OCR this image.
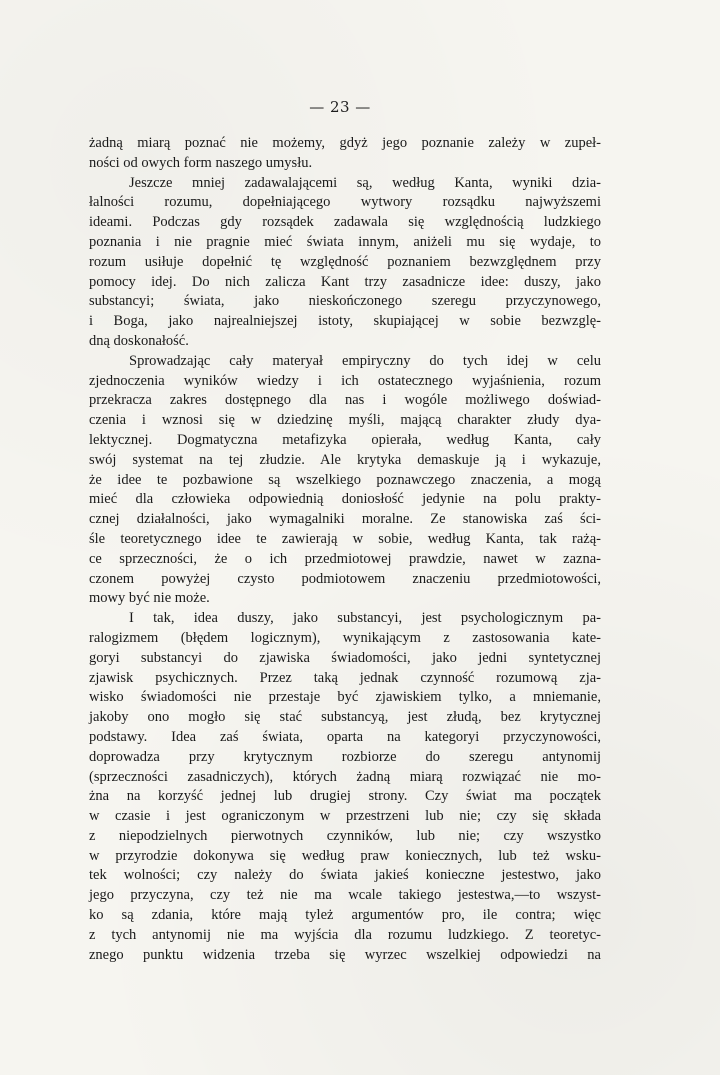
— 23 —
żadną miarą poznać nie możemy, gdyż jego poznanie zależy w zupeł-
ności od owych form naszego umysłu.
Jeszcze mniej zadawalającemi są, według Kanta, wyniki dzia-
łalności rozumu, dopełniającego wytwory rozsądku najwyższemi
ideami. Podczas gdy rozsądek zadawala się względnością ludzkiego
poznania i nie pragnie mieć świata innym, aniżeli mu się wydaje, to
rozum usiłuje dopełnić tę względność poznaniem bezwzględnem przy
pomocy idej. Do nich zalicza Kant trzy zasadnicze idee: duszy, jako
substancyi; świata, jako nieskończonego szeregu przyczynowego,
i Boga, jako najrealniejszej istoty, skupiającej w sobie bezwzglę-
dną doskonałość.
Sprowadzając cały materyał empiryczny do tych idej w celu
zjednoczenia wyników wiedzy i ich ostatecznego wyjaśnienia, rozum
przekracza zakres dostępnego dla nas i wogóle możliwego doświad-
czenia i wznosi się w dziedzinę myśli, mającą charakter złudy dya-
lektycznej. Dogmatyczna metafizyka opierała, według Kanta, cały
swój systemat na tej złudzie. Ale krytyka demaskuje ją i wykazuje,
że idee te pozbawione są wszelkiego poznawczego znaczenia, a mogą
mieć dla człowieka odpowiednią doniosłość jedynie na polu prakty-
cznej działalności, jako wymagalniki moralne. Ze stanowiska zaś ści-
śle teoretycznego idee te zawierają w sobie, według Kanta, tak rażą-
ce sprzeczności, że o ich przedmiotowej prawdzie, nawet w zazna-
czonem powyżej czysto podmiotowem znaczeniu przedmiotowości,
mowy być nie może.
I tak, idea duszy, jako substancyi, jest psychologicznym pa-
ralogizmem (błędem logicznym), wynikającym z zastosowania kate-
goryi substancyi do zjawiska świadomości, jako jedni syntetycznej
zjawisk psychicznych. Przez taką jednak czynność rozumową zja-
wisko świadomości nie przestaje być zjawiskiem tylko, a mniemanie,
jakoby ono mogło się stać substancyą, jest złudą, bez krytycznej
podstawy. Idea zaś świata, oparta na kategoryi przyczynowości,
doprowadza przy krytycznym rozbiorze do szeregu antynomij
(sprzeczności zasadniczych), których żadną miarą rozwiązać nie mo-
żna na korzyść jednej lub drugiej strony. Czy świat ma początek
w czasie i jest ograniczonym w przestrzeni lub nie; czy się składa
z niepodzielnych pierwotnych czynników, lub nie; czy wszystko
w przyrodzie dokonywa się według praw koniecznych, lub też wsku-
tek wolności; czy należy do świata jakieś konieczne jestestwo, jako
jego przyczyna, czy też nie ma wcale takiego jestestwa,—to wszyst-
ko są zdania, które mają tyleż argumentów pro, ile contra; więc
z tych antynomij nie ma wyjścia dla rozumu ludzkiego. Z teoretyc-
znego punktu widzenia trzeba się wyrzec wszelkiej odpowiedzi na
